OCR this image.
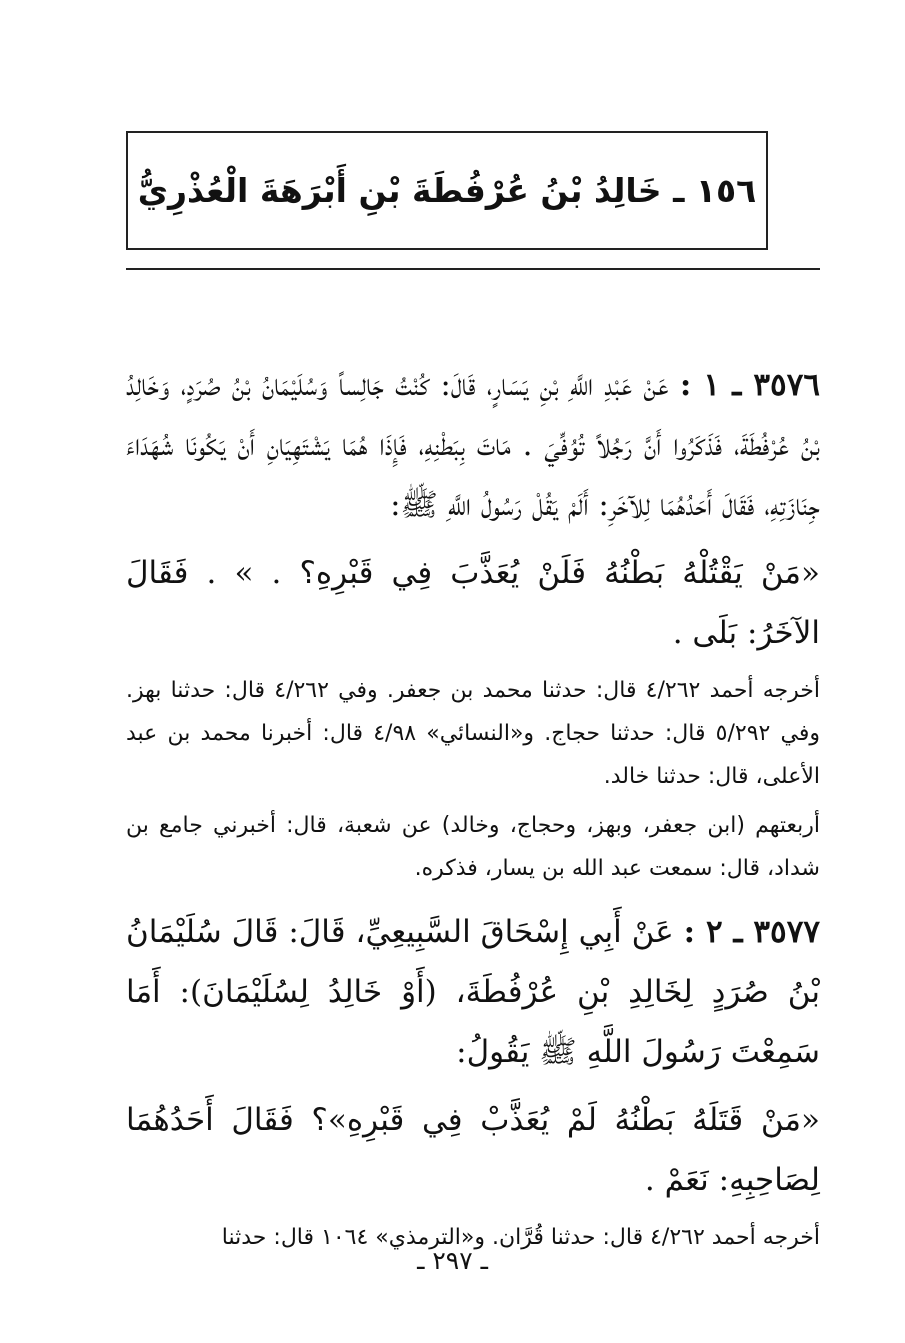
١٥٦ ـ خَالِدُ بْنُ عُرْفُطَةَ بْنِ أَبْرَهَةَ الْعُذْرِيُّ

٣٥٧٦ ـ ١ : عَنْ عَبْدِ اللَّهِ بْنِ يَسَارٍ، قَالَ: كُنْتُ جَالِساً وَسُلَيْمَانُ بْنُ صُرَدٍ، وَخَالِدُ بْنُ عُرْفُطَةَ، فَذَكَرُوا أَنَّ رَجُلاً تُوُفِّيَ . مَاتَ بِبَطْنِهِ، فَإِذَا هُمَا يَشْتَهِيَانِ أَنْ يَكُونَا شُهَدَاءَ جِنَازَتِهِ، فَقَالَ أَحَدُهُمَا لِلآخَرِ: أَلَمْ يَقُلْ رَسُولُ اللَّهِ ﷺ:

«مَنْ يَقْتُلْهُ بَطْنُهُ فَلَنْ يُعَذَّبَ فِي قَبْرِهِ؟ . » . فَقَالَ الآخَرُ: بَلَى .

أخرجه أحمد ٤/٢٦٢ قال: حدثنا محمد بن جعفر. وفي ٤/٢٦٢ قال: حدثنا بهز. وفي ٥/٢٩٢ قال: حدثنا حجاج. و«النسائي» ٤/٩٨ قال: أخبرنا محمد بن عبد الأعلى، قال: حدثنا خالد.

أربعتهم (ابن جعفر، وبهز، وحجاج، وخالد) عن شعبة، قال: أخبرني جامع بن شداد، قال: سمعت عبد الله بن يسار، فذكره.

٣٥٧٧ ـ ٢ : عَنْ أَبِي إِسْحَاقَ السَّبِيعِيِّ، قَالَ: قَالَ سُلَيْمَانُ بْنُ صُرَدٍ لِخَالِدِ بْنِ عُرْفُطَةَ، (أَوْ خَالِدُ لِسُلَيْمَانَ): أَمَا سَمِعْتَ رَسُولَ اللَّهِ ﷺ يَقُولُ:

«مَنْ قَتَلَهُ بَطْنُهُ لَمْ يُعَذَّبْ فِي قَبْرِهِ»؟ فَقَالَ أَحَدُهُمَا لِصَاحِبِهِ: نَعَمْ .

أخرجه أحمد ٤/٢٦٢ قال: حدثنا قُرَّان. و«الترمذي» ١٠٦٤ قال: حدثنا

ـ ٢٩٧ ـ
